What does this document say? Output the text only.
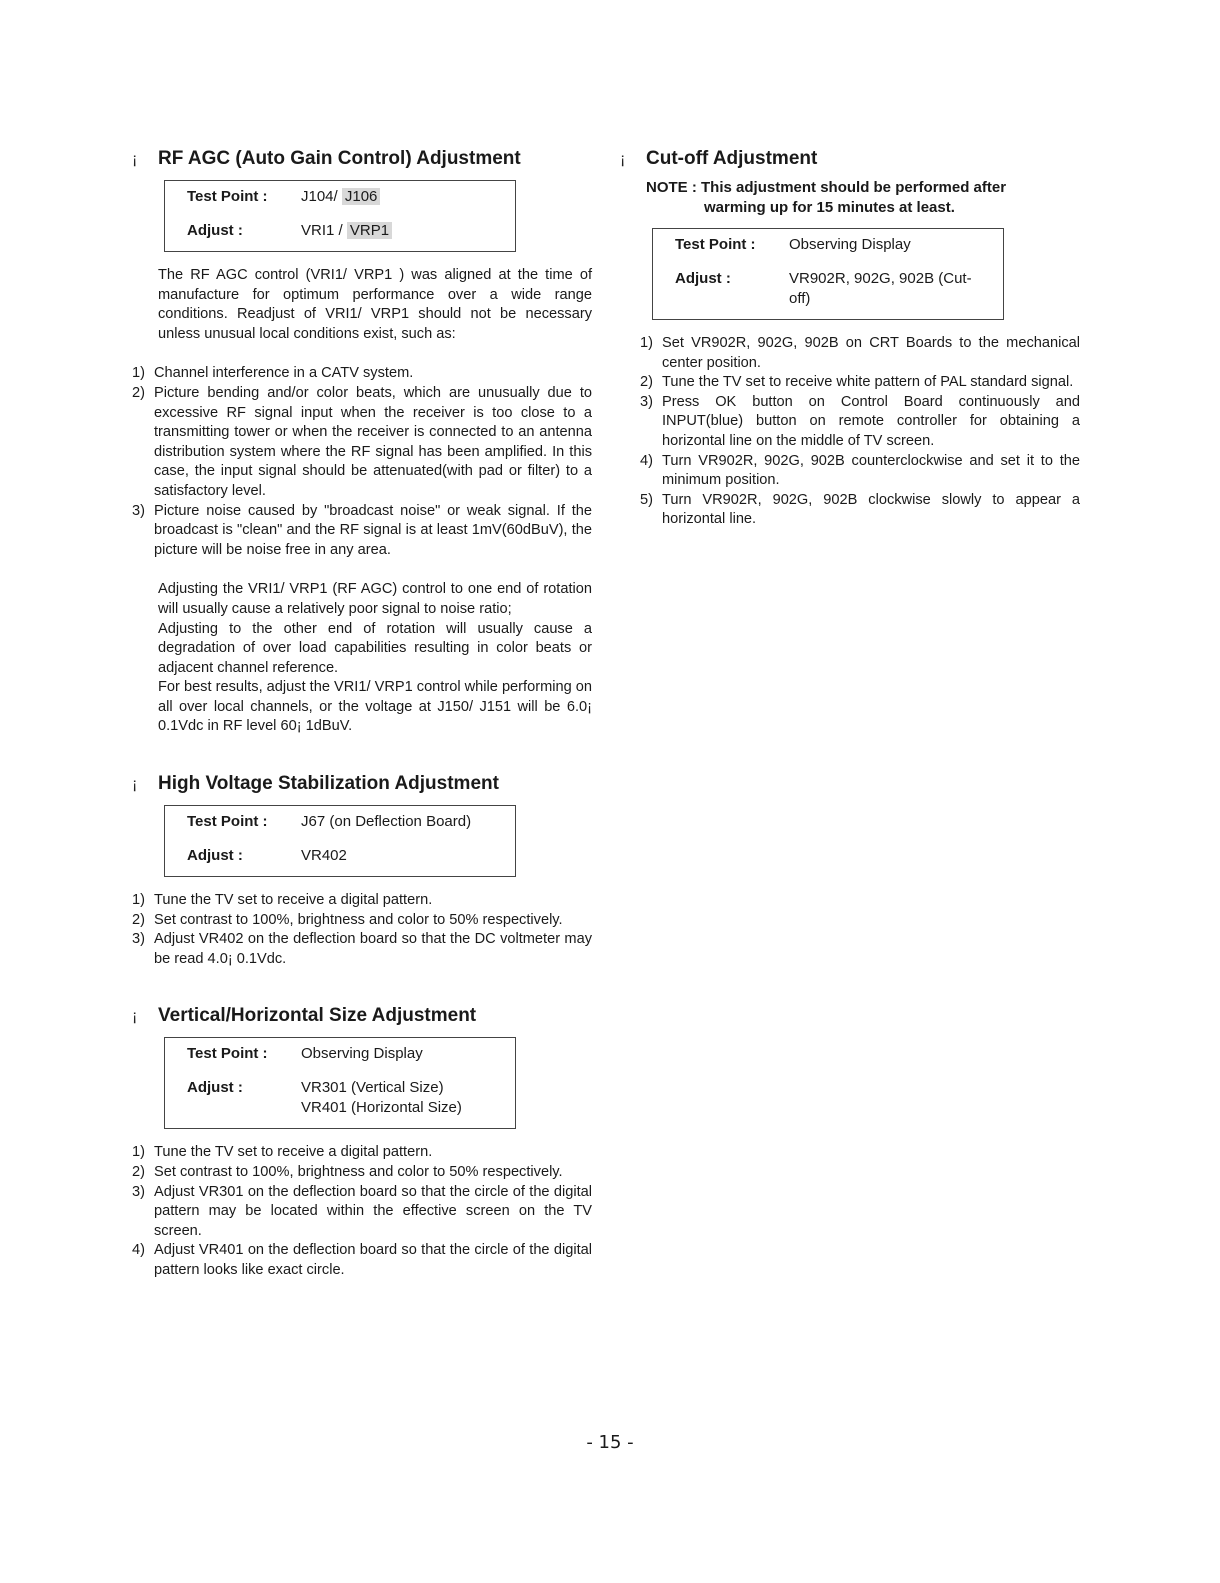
¡	RF AGC (Auto Gain Control) Adjustment
Test Point :	J104/ J106
Adjust :	VRI1 / VRP1

The RF AGC control (VRI1/ VRP1 ) was aligned at the time of manufacture for optimum performance over a wide range conditions. Readjust of VRI1/ VRP1 should not be necessary unless unusual local conditions exist, such as:

1) Channel interference in a CATV system.
2) Picture bending and/or color beats, which are unusually due to excessive RF signal input when the receiver is too close to a transmitting tower or when the receiver is connected to an antenna distribution system where the RF signal has been amplified. In this case, the input signal should be attenuated(with pad or filter) to a satisfactory level.
3) Picture noise caused by "broadcast noise" or weak signal. If the broadcast is "clean" and the RF signal is at least 1mV(60dBuV), the picture will be noise free in any area.

Adjusting the VRI1/ VRP1 (RF AGC) control to one end of rotation will usually cause a relatively poor signal to noise ratio;

Adjusting to the other end of rotation will usually cause a degradation of over load capabilities resulting in color beats or adjacent channel reference.

For best results, adjust the VRI1/ VRP1 control while performing on all over local channels, or the voltage at J150/ J151 will be 6.0¡ 0.1Vdc in RF level 60¡ 1dBuV.

¡	High Voltage Stabilization Adjustment
Test Point :	J67 (on Deflection Board)
Adjust :	VR402
1) Tune the TV set to receive a digital pattern.
2) Set contrast to 100%, brightness and color to 50% respectively.
3) Adjust VR402 on the deflection board so that the DC voltmeter may be read 4.0¡ 0.1Vdc.
¡	Vertical/Horizontal Size Adjustment
Test Point :	Observing Display
Adjust :	VR301 (Vertical Size)
VR401 (Horizontal Size)
1) Tune the TV set to receive a digital pattern.
2) Set contrast to 100%, brightness and color to 50% respectively.
3) Adjust VR301 on the deflection board so that the circle of the digital pattern may be located within the effective screen on the TV screen.
4) Adjust VR401 on the deflection board so that the circle of the digital pattern looks like exact circle.
¡	Cut-off Adjustment
NOTE : This adjustment should be performed after
warming up for 15 minutes at least.
Test Point :	Observing Display
Adjust :	VR902R, 902G, 902B (Cut-off)
1) Set VR902R, 902G, 902B on CRT Boards to the mechanical center position.
2) Tune the TV set to receive white pattern of PAL standard signal.
3) Press OK button on Control Board continuously and INPUT(blue) button on remote controller for obtaining a horizontal line on the middle of TV screen.
4) Turn VR902R, 902G, 902B counterclockwise and set it to the minimum position.
5) Turn VR902R, 902G, 902B clockwise slowly to appear a horizontal line.
- 15 -
